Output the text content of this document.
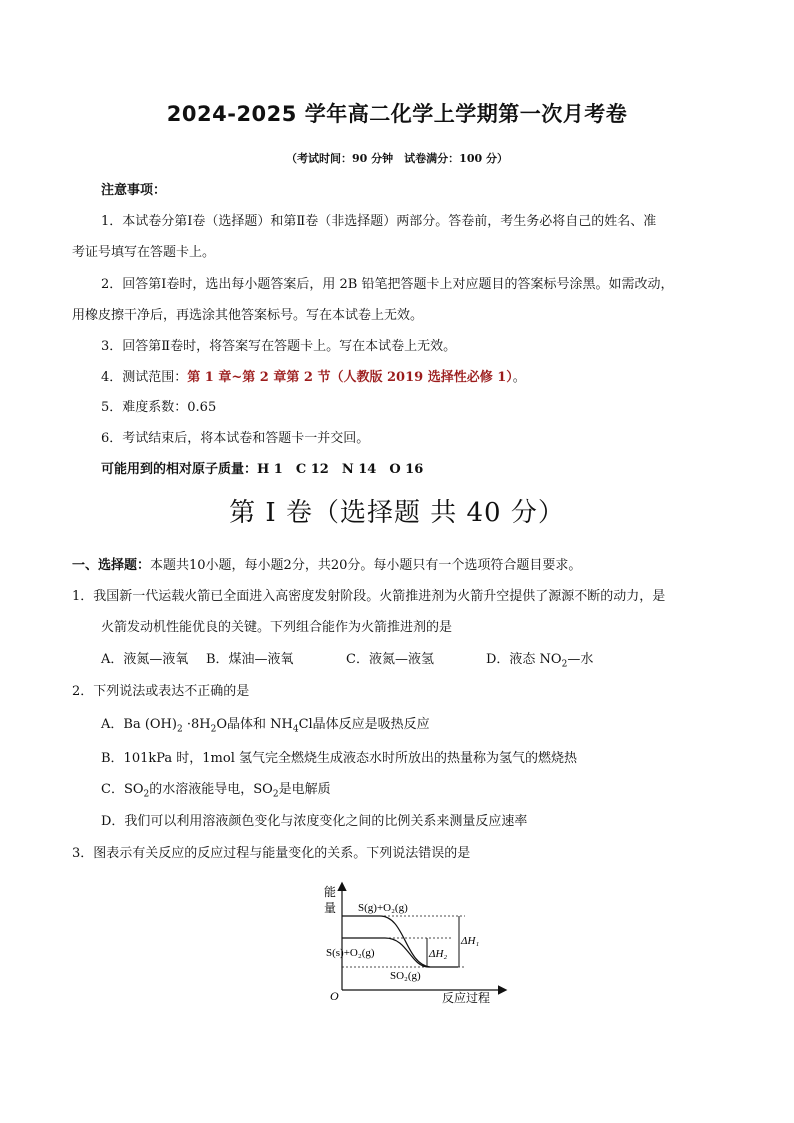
2024-2025 学年高二化学上学期第一次月考卷
（考试时间：90 分钟　试卷满分：100 分）
注意事项：
1．本试卷分第Ⅰ卷（选择题）和第Ⅱ卷（非选择题）两部分。答卷前，考生务必将自己的姓名、准
考证号填写在答题卡上。
2．回答第Ⅰ卷时，选出每小题答案后，用 2B 铅笔把答题卡上对应题目的答案标号涂黑。如需改动，
用橡皮擦干净后，再选涂其他答案标号。写在本试卷上无效。
3．回答第Ⅱ卷时，将答案写在答题卡上。写在本试卷上无效。
4．测试范围：第 1 章~第 2 章第 2 节（人教版 2019 选择性必修 1）。
5．难度系数：0.65
6．考试结束后，将本试卷和答题卡一并交回。
可能用到的相对原子质量：H 1　C 12　N 14　O 16
第 I 卷（选择题 共 40 分）
一、选择题：本题共10小题，每小题2分，共20分。每小题只有一个选项符合题目要求。
1．我国新一代运载火箭已全面进入高密度发射阶段。火箭推进剂为火箭升空提供了源源不断的动力，是
火箭发动机性能优良的关键。下列组合能作为火箭推进剂的是
A．液氮—液氧 B．煤油—液氧	C．液氮—液氢	D．液态 $NO_2—$水
2．下列说法或表达不正确的是
A．Ba $(OH)_2 \cdot 8H_2O$晶体和 $NH_4Cl$晶体反应是吸热反应
B．101kPa 时，1mol 氢气完全燃烧生成液态水时所放出的热量称为氢气的燃烧热
C．$SO_2$的水溶液能导电，$SO_2$是电解质
D．我们可以利用溶液颜色变化与浓度变化之间的比例关系来测量反应速率
3．图表示有关反应的反应过程与能量变化的关系。下列说法错误的是
能
量
O	反应过程
S(g)+O₂(g)
S(s)+O₂(g)
SO₂(g)
ΔH₂
ΔH₁
